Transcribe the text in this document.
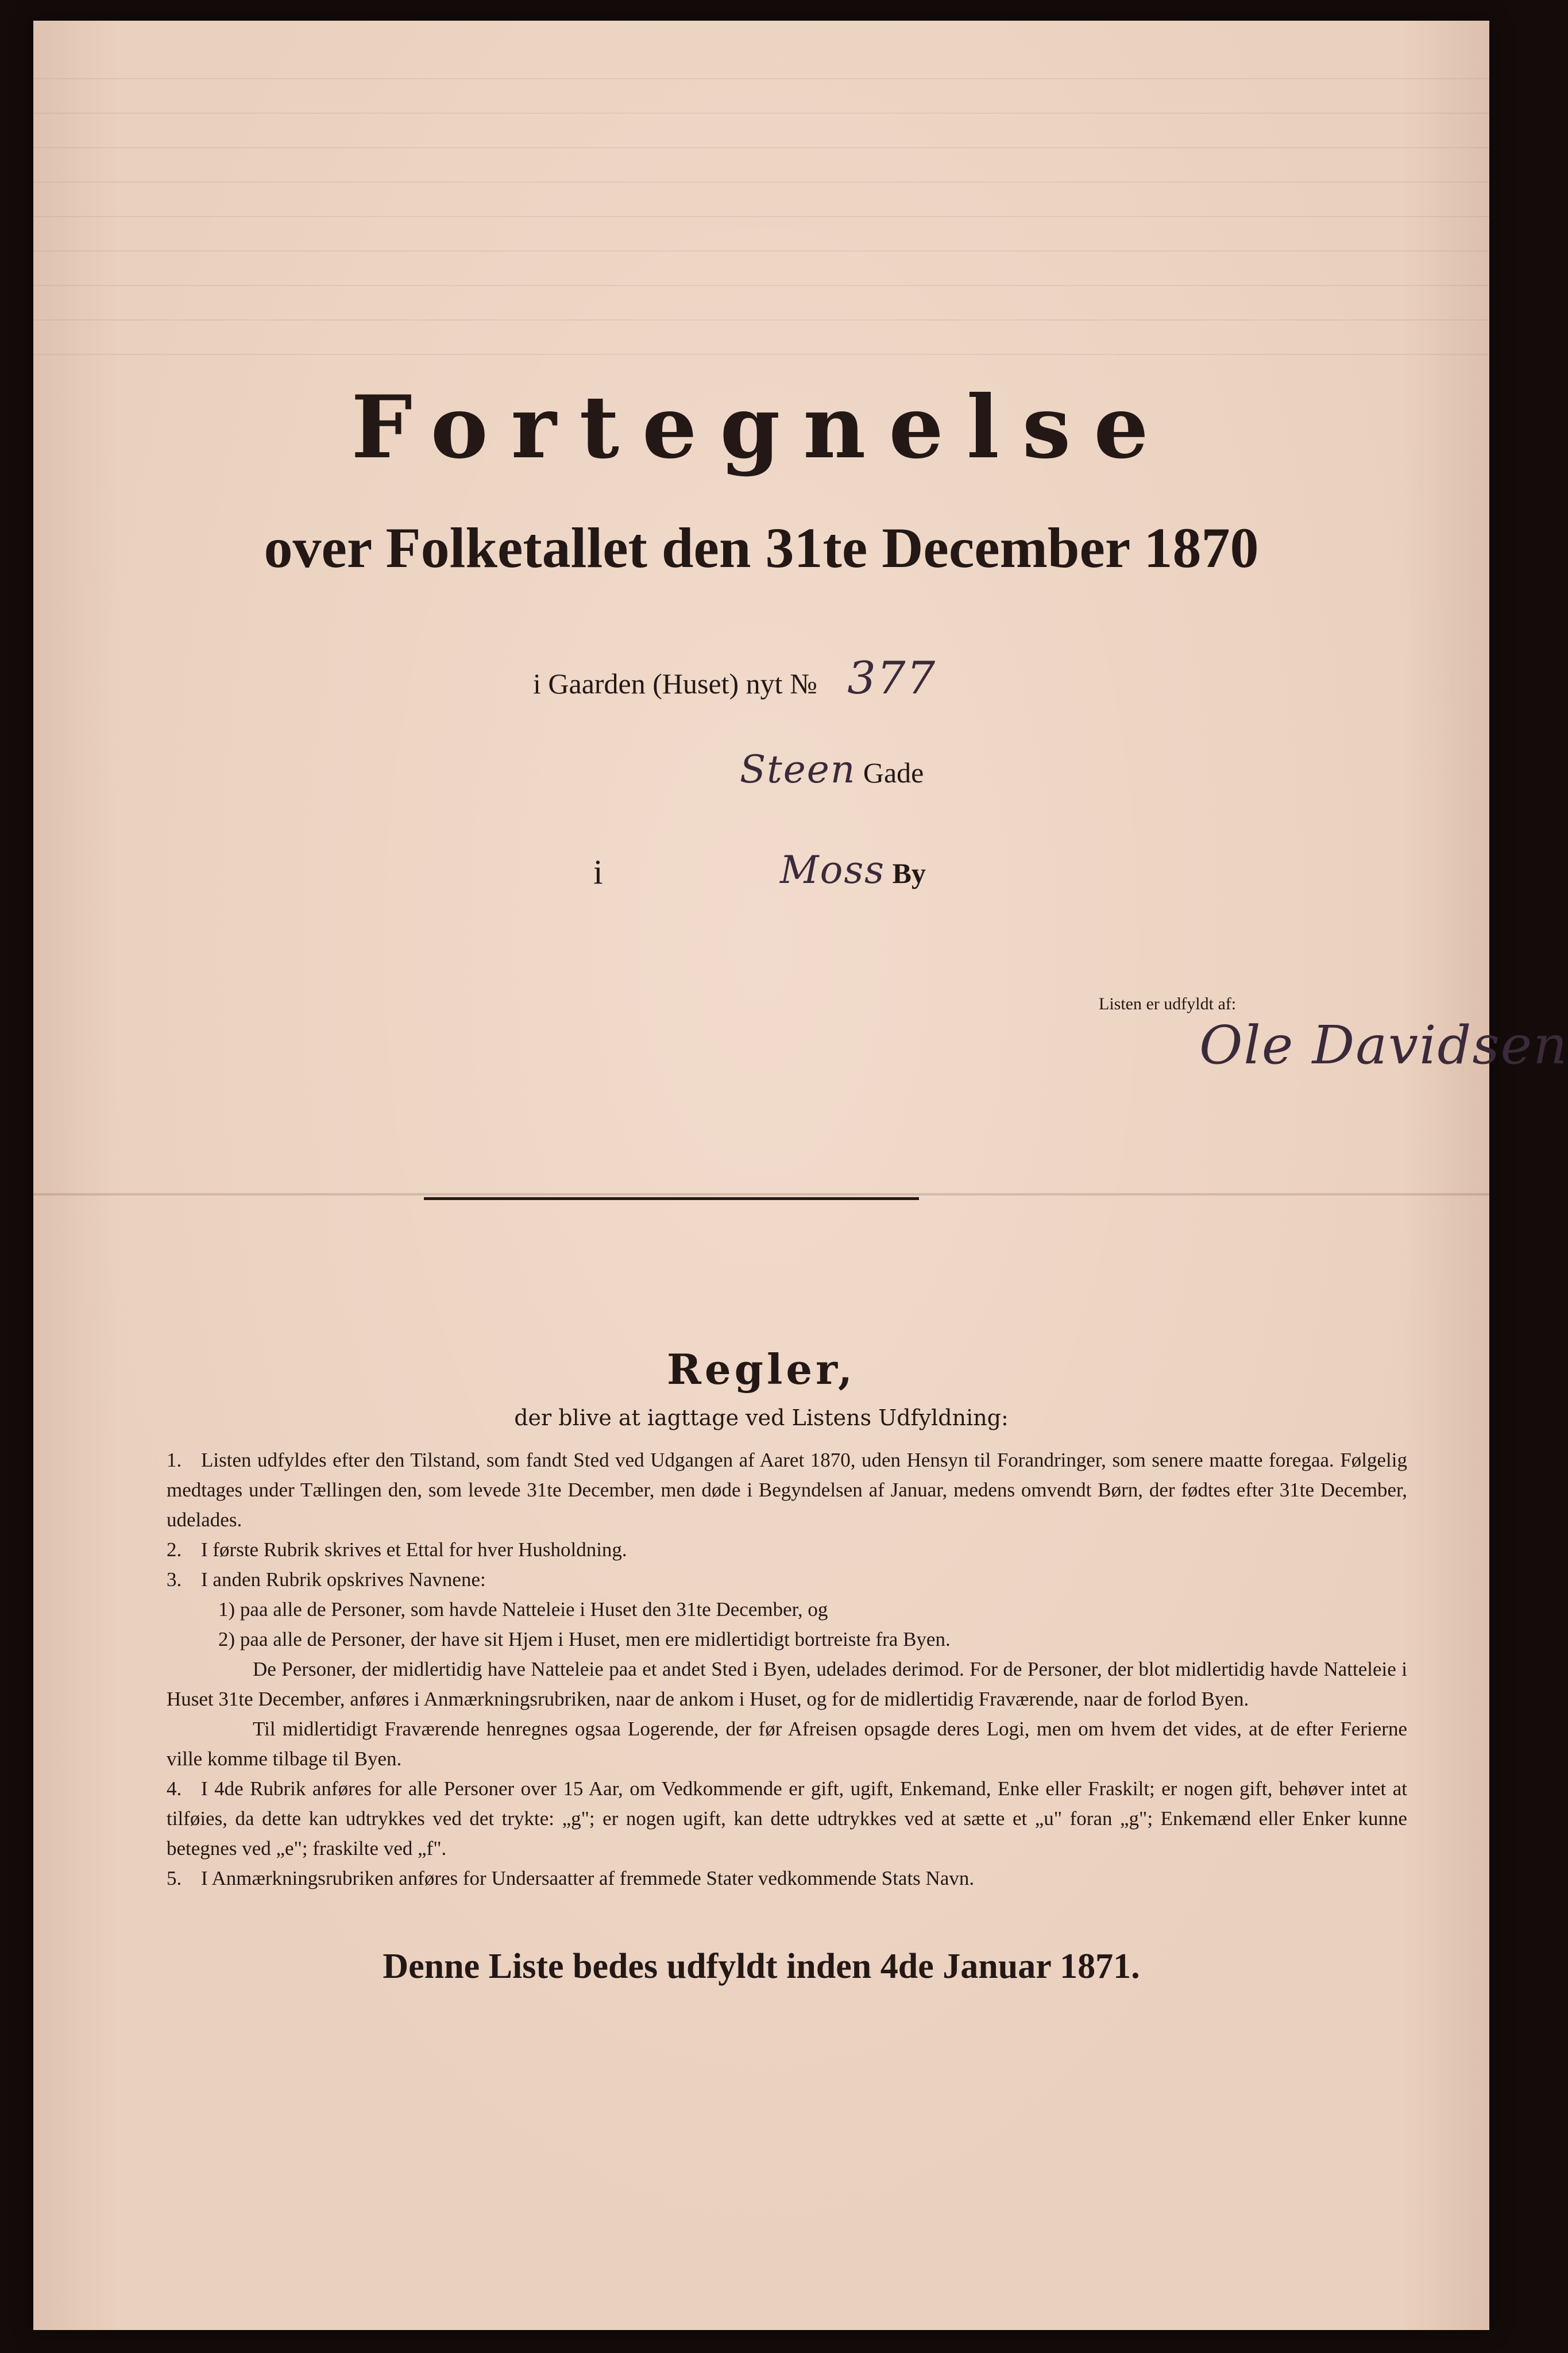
Fortegnelse
over Folketallet den 31te December 1870
i Gaarden (Huset) nyt № 377
Steen Gade
i	Moss By
Listen er udfyldt af:
Ole Davidsen
Regler,
der blive at iagttage ved Listens Udfyldning:
1. Listen udfyldes efter den Tilstand, som fandt Sted ved Udgangen af Aaret 1870, uden Hensyn til Forandringer, som senere maatte foregaa. Følgelig medtages under Tællingen den, som levede 31te December, men døde i Begyndelsen af Januar, medens omvendt Børn, der fødtes efter 31te December, udelades.
2. I første Rubrik skrives et Ettal for hver Husholdning.
3. I anden Rubrik opskrives Navnene:
1) paa alle de Personer, som havde Natteleie i Huset den 31te December, og
2) paa alle de Personer, der have sit Hjem i Huset, men ere midlertidigt bortreiste fra Byen.
De Personer, der midlertidig have Natteleie paa et andet Sted i Byen, udelades derimod. For de Personer, der blot midlertidig havde Natteleie i Huset 31te December, anføres i Anmærkningsrubriken, naar de ankom i Huset, og for de midlertidig Fraværende, naar de forlod Byen.
Til midlertidigt Fraværende henregnes ogsaa Logerende, der før Afreisen opsagde deres Logi, men om hvem det vides, at de efter Ferierne ville komme tilbage til Byen.
4. I 4de Rubrik anføres for alle Personer over 15 Aar, om Vedkommende er gift, ugift, Enkemand, Enke eller Fraskilt; er nogen gift, behøver intet at tilføies, da dette kan udtrykkes ved det trykte: „g"; er nogen ugift, kan dette udtrykkes ved at sætte et „u" foran „g"; Enkemænd eller Enker kunne betegnes ved „e"; fraskilte ved „f".
5. I Anmærkningsrubriken anføres for Undersaatter af fremmede Stater vedkommende Stats Navn.
Denne Liste bedes udfyldt inden 4de Januar 1871.
